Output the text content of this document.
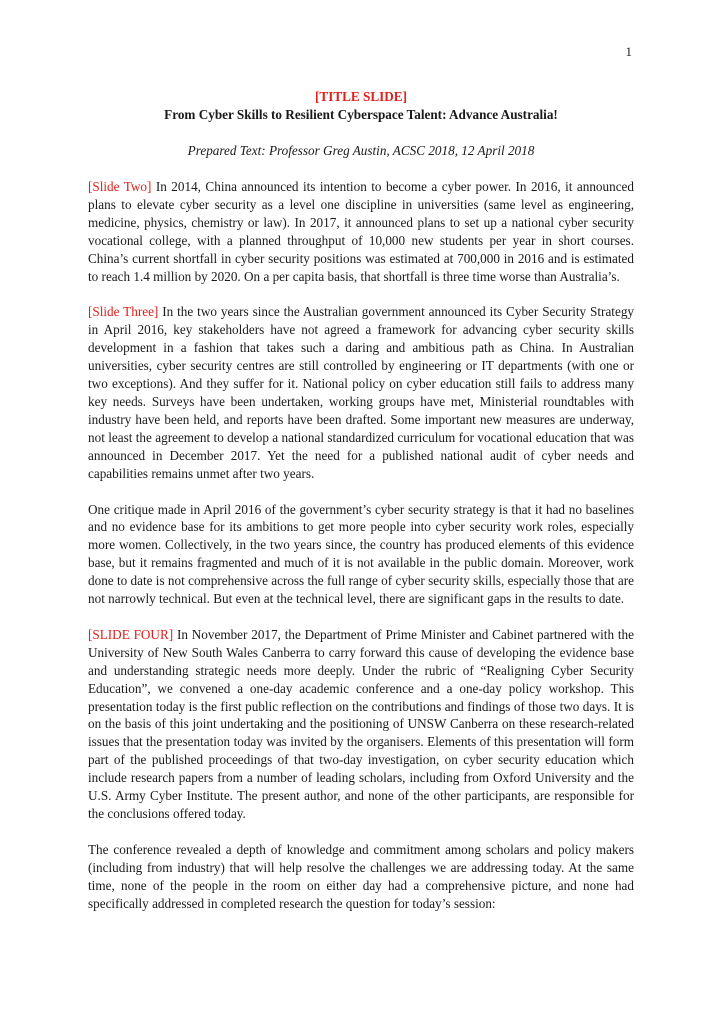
1

[TITLE SLIDE]

From Cyber Skills to Resilient Cyberspace Talent: Advance Australia!

Prepared Text: Professor Greg Austin, ACSC 2018, 12 April 2018

[Slide Two] In 2014, China announced its intention to become a cyber power. In 2016, it announced plans to elevate cyber security as a level one discipline in universities (same level as engineering, medicine, physics, chemistry or law). In 2017, it announced plans to set up a national cyber security vocational college, with a planned throughput of 10,000 new students per year in short courses. China’s current shortfall in cyber security positions was estimated at 700,000 in 2016 and is estimated to reach 1.4 million by 2020. On a per capita basis, that shortfall is three time worse than Australia’s.

[Slide Three] In the two years since the Australian government announced its Cyber Security Strategy in April 2016, key stakeholders have not agreed a framework for advancing cyber security skills development in a fashion that takes such a daring and ambitious path as China. In Australian universities, cyber security centres are still controlled by engineering or IT departments (with one or two exceptions). And they suffer for it. National policy on cyber education still fails to address many key needs. Surveys have been undertaken, working groups have met, Ministerial roundtables with industry have been held, and reports have been drafted. Some important new measures are underway, not least the agreement to develop a national standardized curriculum for vocational education that was announced in December 2017. Yet the need for a published national audit of cyber needs and capabilities remains unmet after two years.

One critique made in April 2016 of the government’s cyber security strategy is that it had no baselines and no evidence base for its ambitions to get more people into cyber security work roles, especially more women. Collectively, in the two years since, the country has produced elements of this evidence base, but it remains fragmented and much of it is not available in the public domain. Moreover, work done to date is not comprehensive across the full range of cyber security skills, especially those that are not narrowly technical. But even at the technical level, there are significant gaps in the results to date.

[SLIDE FOUR] In November 2017, the Department of Prime Minister and Cabinet partnered with the University of New South Wales Canberra to carry forward this cause of developing the evidence base and understanding strategic needs more deeply. Under the rubric of “Realigning Cyber Security Education”, we convened a one-day academic conference and a one-day policy workshop. This presentation today is the first public reflection on the contributions and findings of those two days. It is on the basis of this joint undertaking and the positioning of UNSW Canberra on these research-related issues that the presentation today was invited by the organisers. Elements of this presentation will form part of the published proceedings of that two-day investigation, on cyber security education which include research papers from a number of leading scholars, including from Oxford University and the U.S. Army Cyber Institute. The present author, and none of the other participants, are responsible for the conclusions offered today.

The conference revealed a depth of knowledge and commitment among scholars and policy makers (including from industry) that will help resolve the challenges we are addressing today. At the same time, none of the people in the room on either day had a comprehensive picture, and none had specifically addressed in completed research the question for today’s session:
